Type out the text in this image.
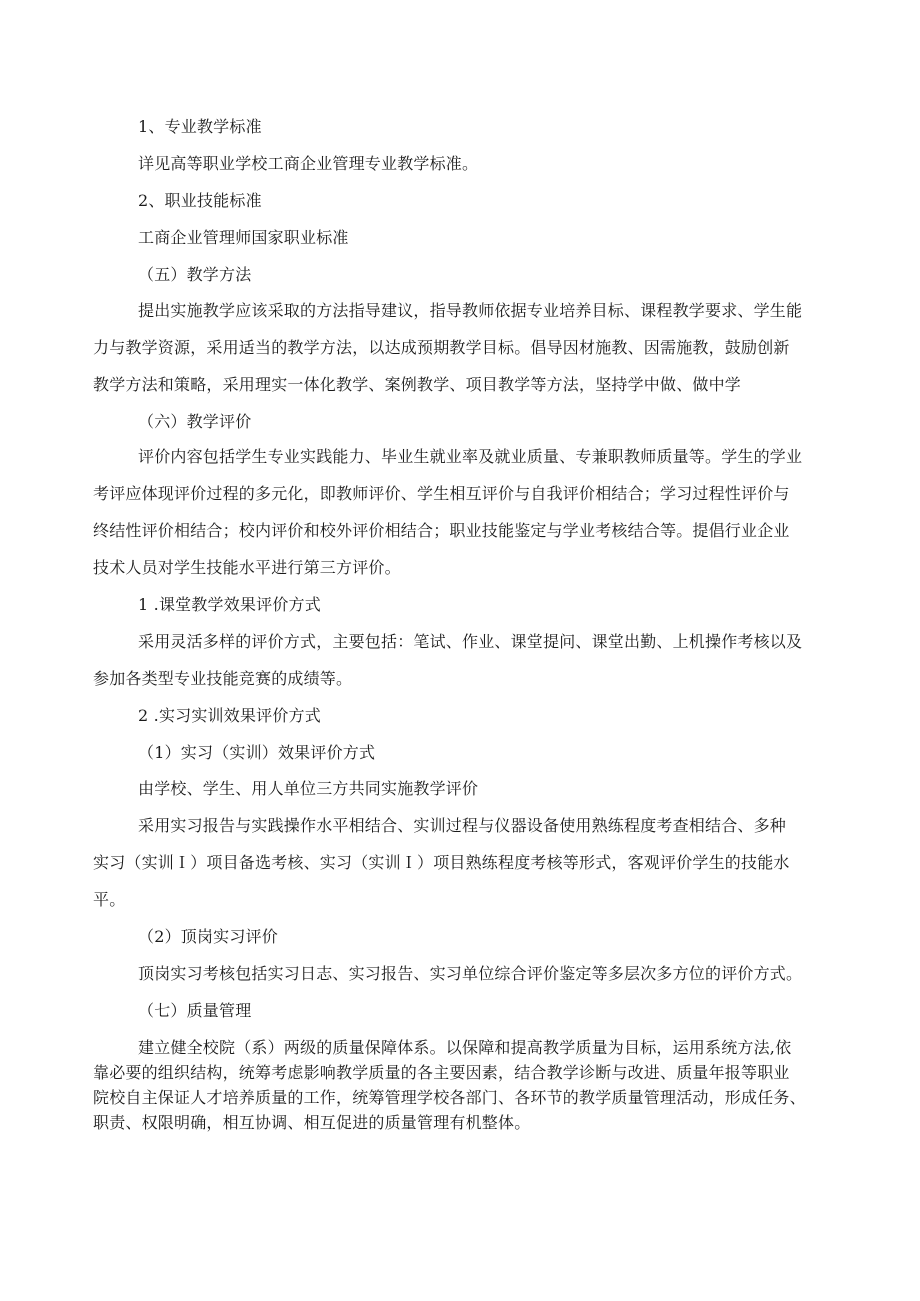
1、专业教学标准
详见高等职业学校工商企业管理专业教学标准。
2、职业技能标准
工商企业管理师国家职业标准
（五）教学方法
提出实施教学应该采取的方法指导建议，指导教师依据专业培养目标、课程教学要求、学生能
力与教学资源，采用适当的教学方法，以达成预期教学目标。倡导因材施教、因需施教，鼓励创新
教学方法和策略，采用理实一体化教学、案例教学、项目教学等方法，坚持学中做、做中学
（六）教学评价
评价内容包括学生专业实践能力、毕业生就业率及就业质量、专兼职教师质量等。学生的学业
考评应体现评价过程的多元化，即教师评价、学生相互评价与自我评价相结合；学习过程性评价与
终结性评价相结合；校内评价和校外评价相结合；职业技能鉴定与学业考核结合等。提倡行业企业
技术人员对学生技能水平进行第三方评价。
1 .课堂教学效果评价方式
采用灵活多样的评价方式，主要包括：笔试、作业、课堂提问、课堂出勤、上机操作考核以及
参加各类型专业技能竞赛的成绩等。
2 .实习实训效果评价方式
（1）实习（实训）效果评价方式
由学校、学生、用人单位三方共同实施教学评价
采用实习报告与实践操作水平相结合、实训过程与仪器设备使用熟练程度考查相结合、多种
实习（实训Ｉ）项目备选考核、实习（实训Ｉ）项目熟练程度考核等形式，客观评价学生的技能水
平。
（2）顶岗实习评价
顶岗实习考核包括实习日志、实习报告、实习单位综合评价鉴定等多层次多方位的评价方式。
（七）质量管理
建立健全校院（系）两级的质量保障体系。以保障和提高教学质量为目标，运用系统方法,依
靠必要的组织结构，统筹考虑影响教学质量的各主要因素，结合教学诊断与改进、质量年报等职业
院校自主保证人才培养质量的工作，统筹管理学校各部门、各环节的教学质量管理活动，形成任务、
职责、权限明确，相互协调、相互促进的质量管理有机整体。
